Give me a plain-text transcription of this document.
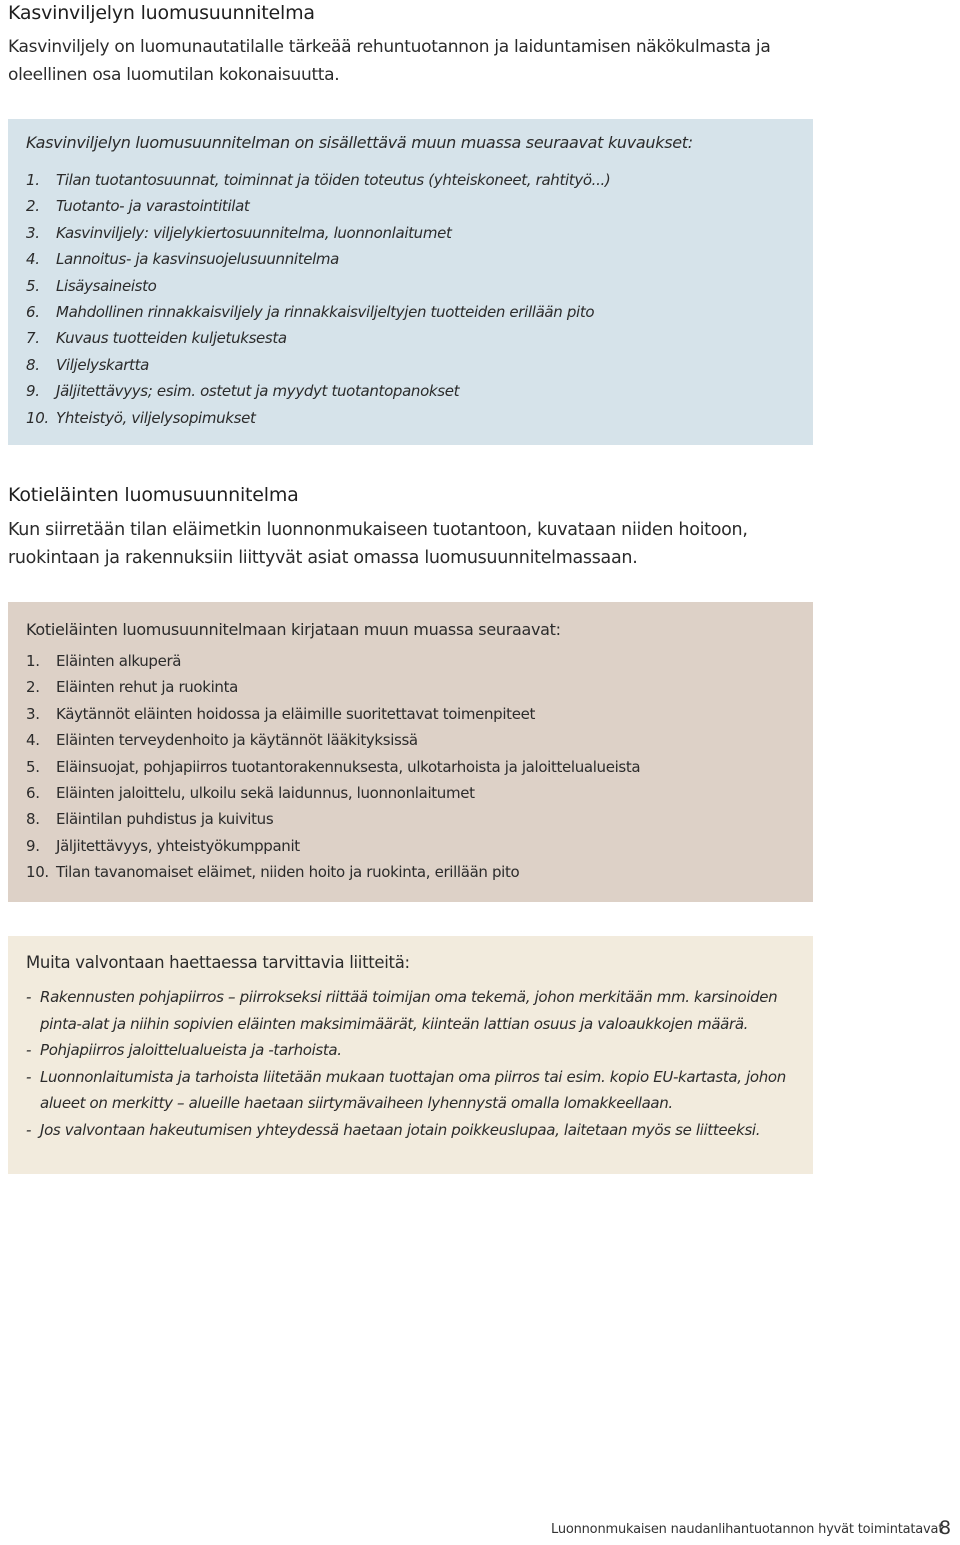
Kasvinviljelyn luomusuunnitelma

Kasvinviljely on luomunautatilalle tärkeää rehuntuotannon ja laiduntamisen näkökulmasta ja oleellinen osa luomutilan kokonaisuutta.

Kasvinviljelyn luomusuunnitelman on sisällettävä muun muassa seuraavat kuvaukset:
1.	Tilan tuotantosuunnat, toiminnat ja töiden toteutus (yhteiskoneet, rahtityö...)
2.	Tuotanto- ja varastointitilat
3.	Kasvinviljely: viljelykiertosuunnitelma, luonnonlaitumet
4.	Lannoitus- ja kasvinsuojelusuunnitelma
5.	Lisäysaineisto
6.	Mahdollinen rinnakkaisviljely ja rinnakkaisviljeltyjen tuotteiden erillään pito
7.	Kuvaus tuotteiden kuljetuksesta
8.	Viljelyskartta
9.	Jäljitettävyys; esim. ostetut ja myydyt tuotantopanokset
10. Yhteistyö, viljelysopimukset
Kotieläinten luomusuunnitelma

Kun siirretään tilan eläimetkin luonnonmukaiseen tuotantoon, kuvataan niiden hoitoon, ruokintaan ja rakennuksiin liittyvät asiat omassa luomusuunnitelmassaan.

Kotieläinten luomusuunnitelmaan kirjataan muun muassa seuraavat:
1.	Eläinten alkuperä
2.	Eläinten rehut ja ruokinta
3.	Käytännöt eläinten hoidossa ja eläimille suoritettavat toimenpiteet
4.	Eläinten terveydenhoito ja käytännöt lääkityksissä
5.	Eläinsuojat, pohjapiirros tuotantorakennuksesta, ulkotarhoista ja jaloittelualueista
6.	Eläinten jaloittelu, ulkoilu sekä laidunnus, luonnonlaitumet
8.	Eläintilan puhdistus ja kuivitus
9.	Jäljitettävyys, yhteistyökumppanit
10. Tilan tavanomaiset eläimet, niiden hoito ja ruokinta, erillään pito
Muita valvontaan haettaessa tarvittavia liitteitä:
- Rakennusten pohjapiirros – piirrokseksi riittää toimijan oma tekemä, johon merkitään mm. karsinoiden pinta-alat ja niihin sopivien eläinten maksimimäärät, kiinteän lattian osuus ja valoaukkojen määrä.
- Pohjapiirros jaloittelualueista ja -tarhoista.
- Luonnonlaitumista ja tarhoista liitetään mukaan tuottajan oma piirros tai esim. kopio EU-kartasta, johon alueet on merkitty – alueille haetaan siirtymävaiheen lyhennystä omalla lomakkeellaan.
- Jos valvontaan hakeutumisen yhteydessä haetaan jotain poikkeuslupaa, laitetaan myös se liitteeksi.
Luonnonmukaisen naudanlihantuotannon hyvät toimintatavat
8
